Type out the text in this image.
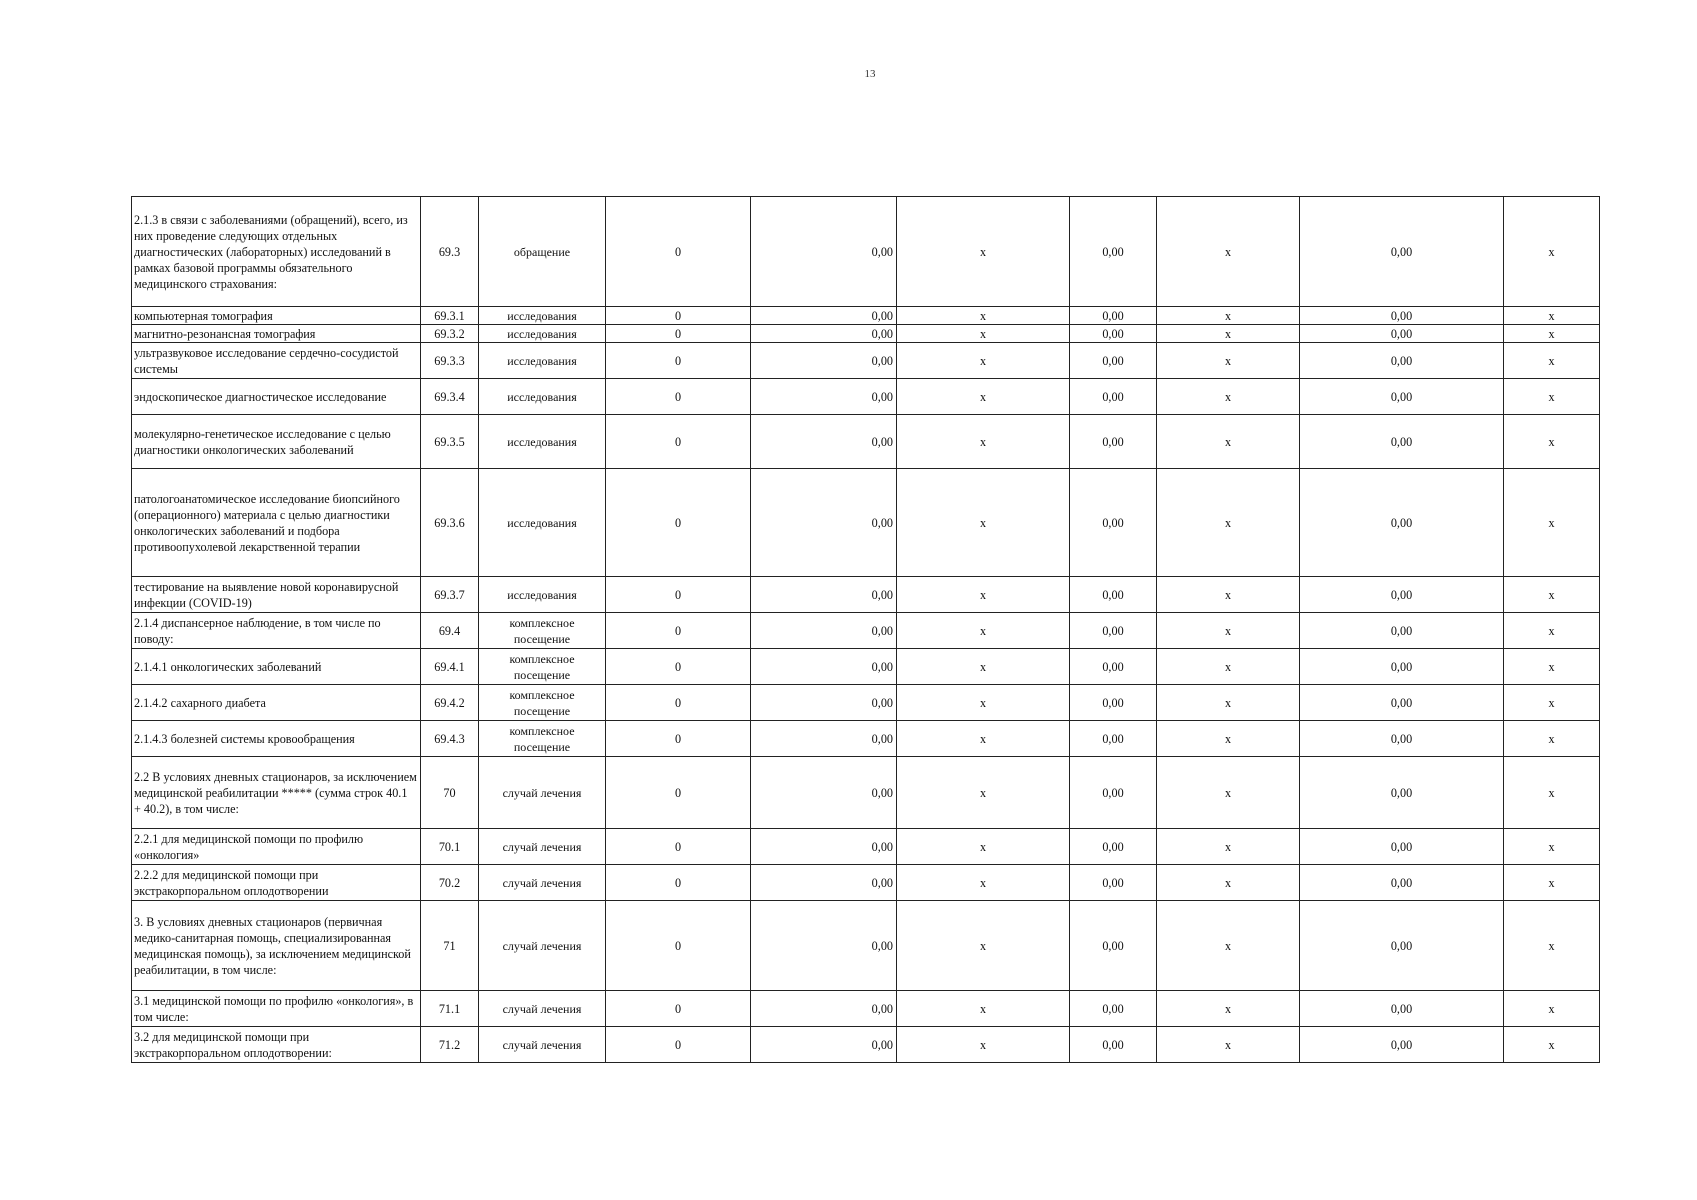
13
2.1.3 в связи с заболеваниями (обращений), всего, из них проведение следующих отдельных диагностических (лабораторных) исследований в рамках базовой программы обязательного медицинского страхования:	69.3	обращение	0	0,00	х	0,00	х	0,00	х
компьютерная томография	69.3.1	исследования	0	0,00	х	0,00	х	0,00	х
магнитно-резонансная томография	69.3.2	исследования	0	0,00	х	0,00	х	0,00	х
ультразвуковое исследование сердечно-сосудистой системы	69.3.3	исследования	0	0,00	х	0,00	х	0,00	х
эндоскопическое диагностическое исследование	69.3.4	исследования	0	0,00	х	0,00	х	0,00	х
молекулярно-генетическое исследование с целью диагностики онкологических заболеваний	69.3.5	исследования	0	0,00	х	0,00	х	0,00	х
патологоанатомическое исследование биопсийного (операционного) материала с целью диагностики онкологических заболеваний и подбора противоопухолевой лекарственной терапии	69.3.6	исследования	0	0,00	х	0,00	х	0,00	х
тестирование на выявление новой коронавирусной инфекции (COVID-19)	69.3.7	исследования	0	0,00	х	0,00	х	0,00	х
2.1.4 диспансерное наблюдение, в том числе по поводу:	69.4	комплексное посещение	0	0,00	х	0,00	х	0,00	х
2.1.4.1 онкологических заболеваний	69.4.1	комплексное посещение	0	0,00	х	0,00	х	0,00	х
2.1.4.2 сахарного диабета	69.4.2	комплексное посещение	0	0,00	х	0,00	х	0,00	х
2.1.4.3 болезней системы кровообращения	69.4.3	комплексное посещение	0	0,00	х	0,00	х	0,00	х
2.2 В условиях дневных стационаров, за исключением медицинской реабилитации ***** (сумма строк 40.1 + 40.2), в том числе:	70	случай лечения	0	0,00	х	0,00	х	0,00	х
2.2.1 для медицинской помощи по профилю «онкология»	70.1	случай лечения	0	0,00	х	0,00	х	0,00	х
2.2.2 для медицинской помощи при экстракорпоральном оплодотворении	70.2	случай лечения	0	0,00	х	0,00	х	0,00	х
3. В условиях дневных стационаров (первичная медико-санитарная помощь, специализированная медицинская помощь), за исключением медицинской реабилитации, в том числе:	71	случай лечения	0	0,00	х	0,00	х	0,00	х
3.1 медицинской помощи по профилю «онкология», в том числе:	71.1	случай лечения	0	0,00	х	0,00	х	0,00	х
3.2 для медицинской помощи при экстракорпоральном оплодотворении:	71.2	случай лечения	0	0,00	х	0,00	х	0,00	х
